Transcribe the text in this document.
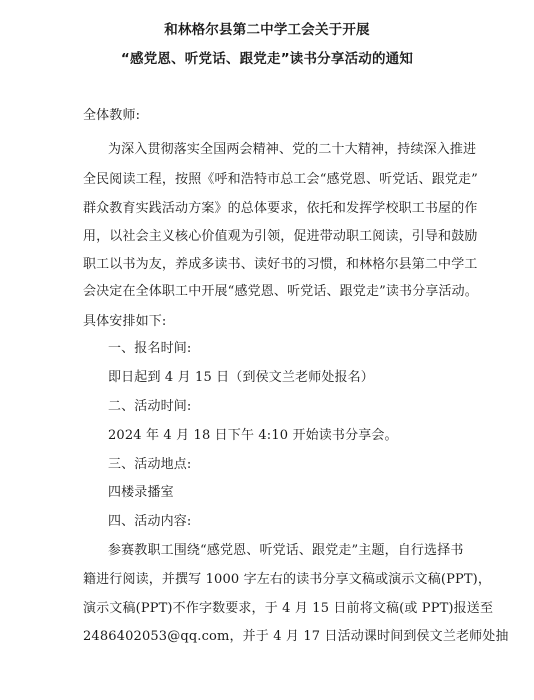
和林格尔县第二中学工会关于开展
“感党恩、听党话、跟党走”读书分享活动的通知
全体教师:
为深入贯彻落实全国两会精神、党的二十大精神，持续深入推进
全民阅读工程，按照《呼和浩特市总工会“感党恩、听党话、跟党走”
群众教育实践活动方案》的总体要求，依托和发挥学校职工书屋的作
用，以社会主义核心价值观为引领，促进带动职工阅读，引导和鼓励
职工以书为友，养成多读书、读好书的习惯，和林格尔县第二中学工
会决定在全体职工中开展“感党恩、听党话、跟党走”读书分享活动。
具体安排如下:
一、报名时间:
即日起到 4 月 15 日（到侯文兰老师处报名）
二、活动时间:
2024 年 4 月 18 日下午 4:10 开始读书分享会。
三、活动地点:
四楼录播室
四、活动内容:
参赛教职工围绕“感党恩、听党话、跟党走”主题，自行选择书
籍进行阅读，并撰写 1000 字左右的读书分享文稿或演示文稿(PPT)，
演示文稿(PPT)不作字数要求，于 4 月 15 日前将文稿(或 PPT)报送至
2486402053@qq.com，并于 4 月 17 日活动课时间到侯文兰老师处抽
